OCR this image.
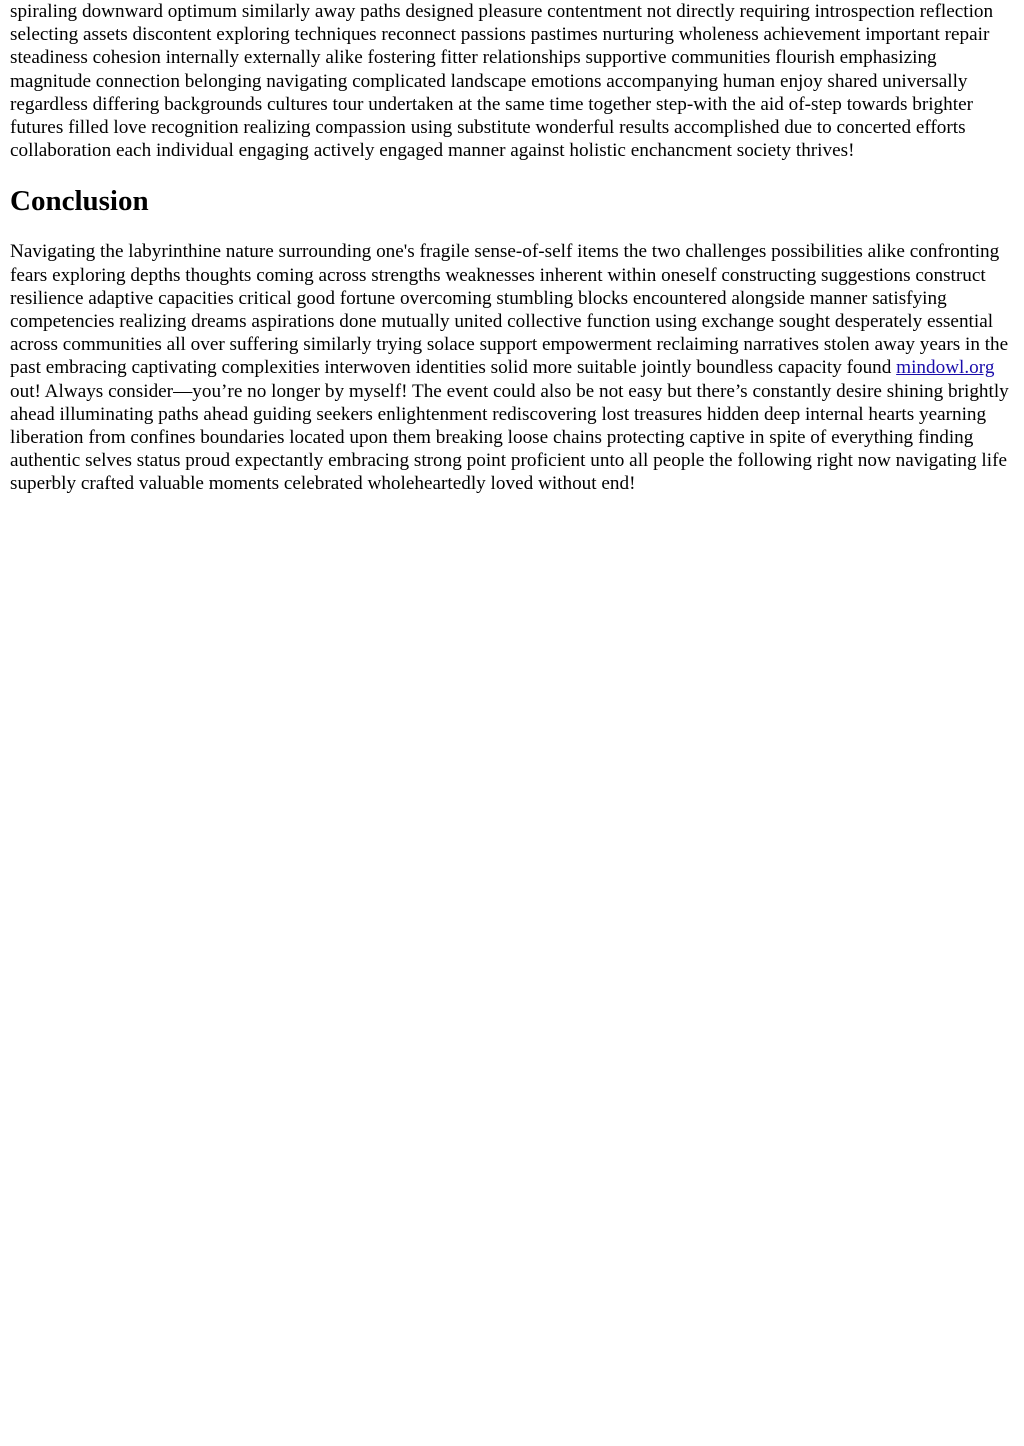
spiraling downward optimum similarly away paths designed pleasure contentment not directly requiring introspection reflection selecting assets discontent exploring techniques reconnect passions pastimes nurturing wholeness achievement important repair steadiness cohesion internally externally alike fostering fitter relationships supportive communities flourish emphasizing magnitude connection belonging navigating complicated landscape emotions accompanying human enjoy shared universally regardless differing backgrounds cultures tour undertaken at the same time together step-with the aid of-step towards brighter futures filled love recognition realizing compassion using substitute wonderful results accomplished due to concerted efforts collaboration each individual engaging actively engaged manner against holistic enchancment society thrives!

Conclusion

Navigating the labyrinthine nature surrounding one's fragile sense-of-self items the two challenges possibilities alike confronting fears exploring depths thoughts coming across strengths weaknesses inherent within oneself constructing suggestions construct resilience adaptive capacities critical good fortune overcoming stumbling blocks encountered alongside manner satisfying competencies realizing dreams aspirations done mutually united collective function using exchange sought desperately essential across communities all over suffering similarly trying solace support empowerment reclaiming narratives stolen away years in the past embracing captivating complexities interwoven identities solid more suitable jointly boundless capacity found mindowl.org out! Always consider—you’re no longer by myself! The event could also be not easy but there’s constantly desire shining brightly ahead illuminating paths ahead guiding seekers enlightenment rediscovering lost treasures hidden deep internal hearts yearning liberation from confines boundaries located upon them breaking loose chains protecting captive in spite of everything finding authentic selves status proud expectantly embracing strong point proficient unto all people the following right now navigating life superbly crafted valuable moments celebrated wholeheartedly loved without end!
